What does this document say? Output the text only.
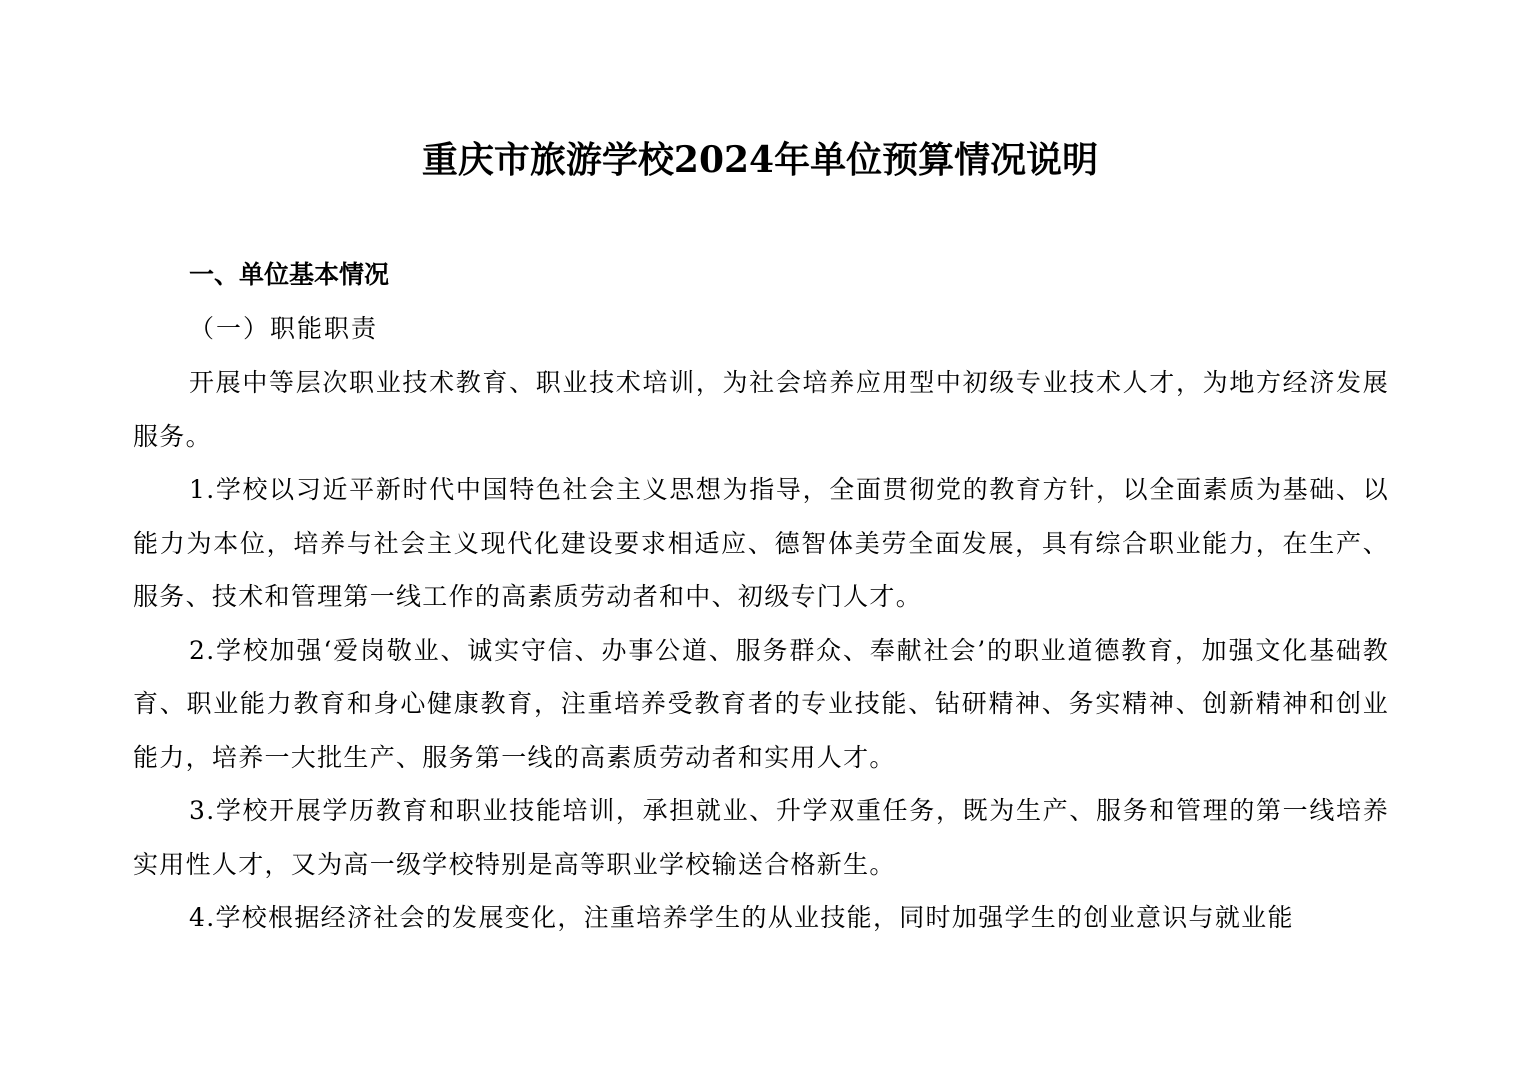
重庆市旅游学校2024年单位预算情况说明

一、单位基本情况

（一）职能职责

开展中等层次职业技术教育、职业技术培训，为社会培养应用型中初级专业技术人才，为地方经济发展服务。

1.学校以习近平新时代中国特色社会主义思想为指导，全面贯彻党的教育方针，以全面素质为基础、以能力为本位，培养与社会主义现代化建设要求相适应、德智体美劳全面发展，具有综合职业能力，在生产、服务、技术和管理第一线工作的高素质劳动者和中、初级专门人才。

2.学校加强‘爱岗敬业、诚实守信、办事公道、服务群众、奉献社会’的职业道德教育，加强文化基础教育、职业能力教育和身心健康教育，注重培养受教育者的专业技能、钻研精神、务实精神、创新精神和创业能力，培养一大批生产、服务第一线的高素质劳动者和实用人才。

3.学校开展学历教育和职业技能培训，承担就业、升学双重任务，既为生产、服务和管理的第一线培养实用性人才，又为高一级学校特别是高等职业学校输送合格新生。

4.学校根据经济社会的发展变化，注重培养学生的从业技能，同时加强学生的创业意识与就业能
